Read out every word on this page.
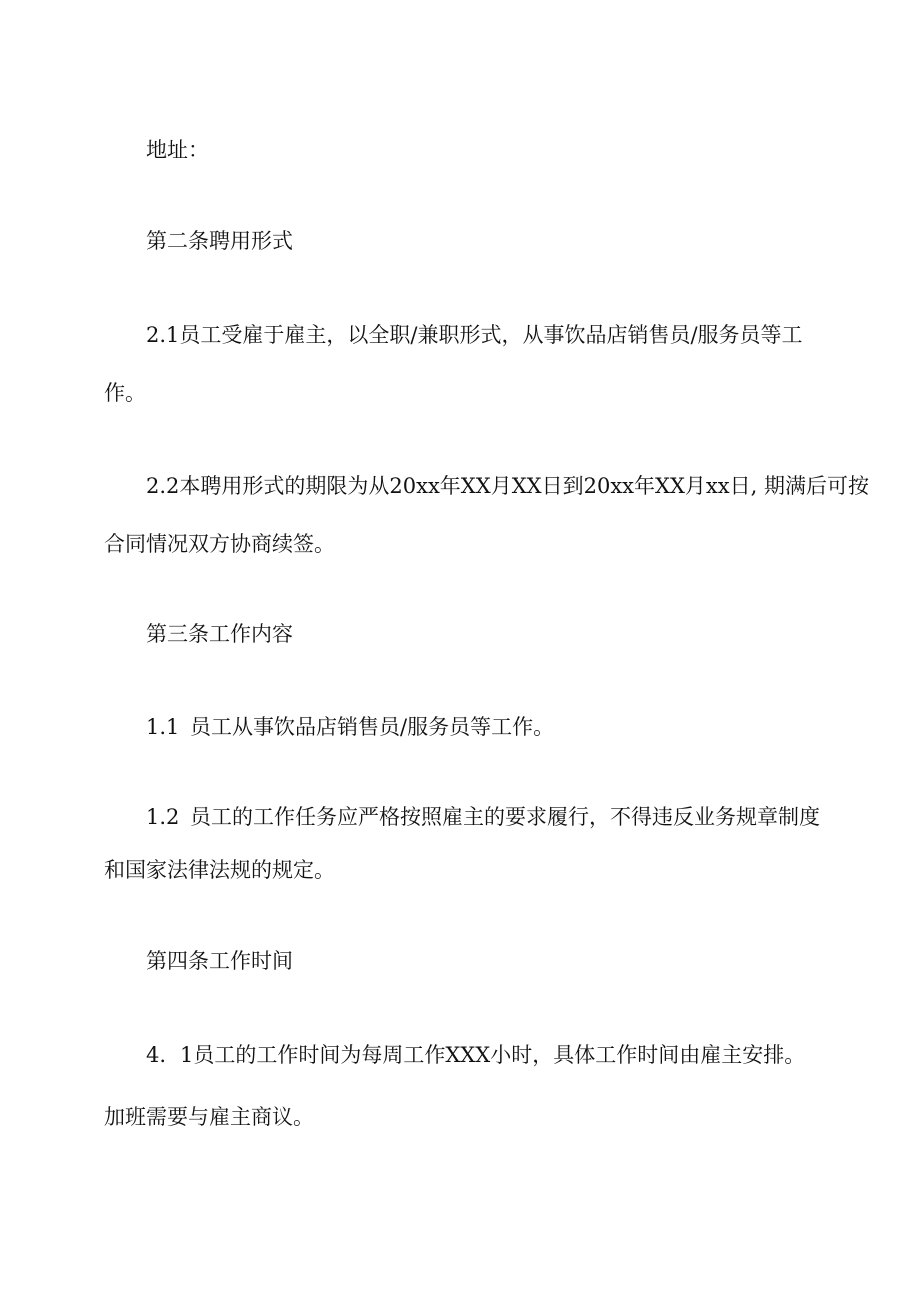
地址：
第二条聘用形式
2.1员工受雇于雇主，以全职/兼职形式，从事饮品店销售员/服务员等工
作。
2.2本聘用形式的期限为从20xx年XX月XX日到20xx年XX月xx日, 期满后可按
合同情况双方协商续签。
第三条工作内容
1.1 员工从事饮品店销售员/服务员等工作。
1.2 员工的工作任务应严格按照雇主的要求履行，不得违反业务规章制度
和国家法律法规的规定。
第四条工作时间
4. 1员工的工作时间为每周工作XXX小时，具体工作时间由雇主安排。
加班需要与雇主商议。
